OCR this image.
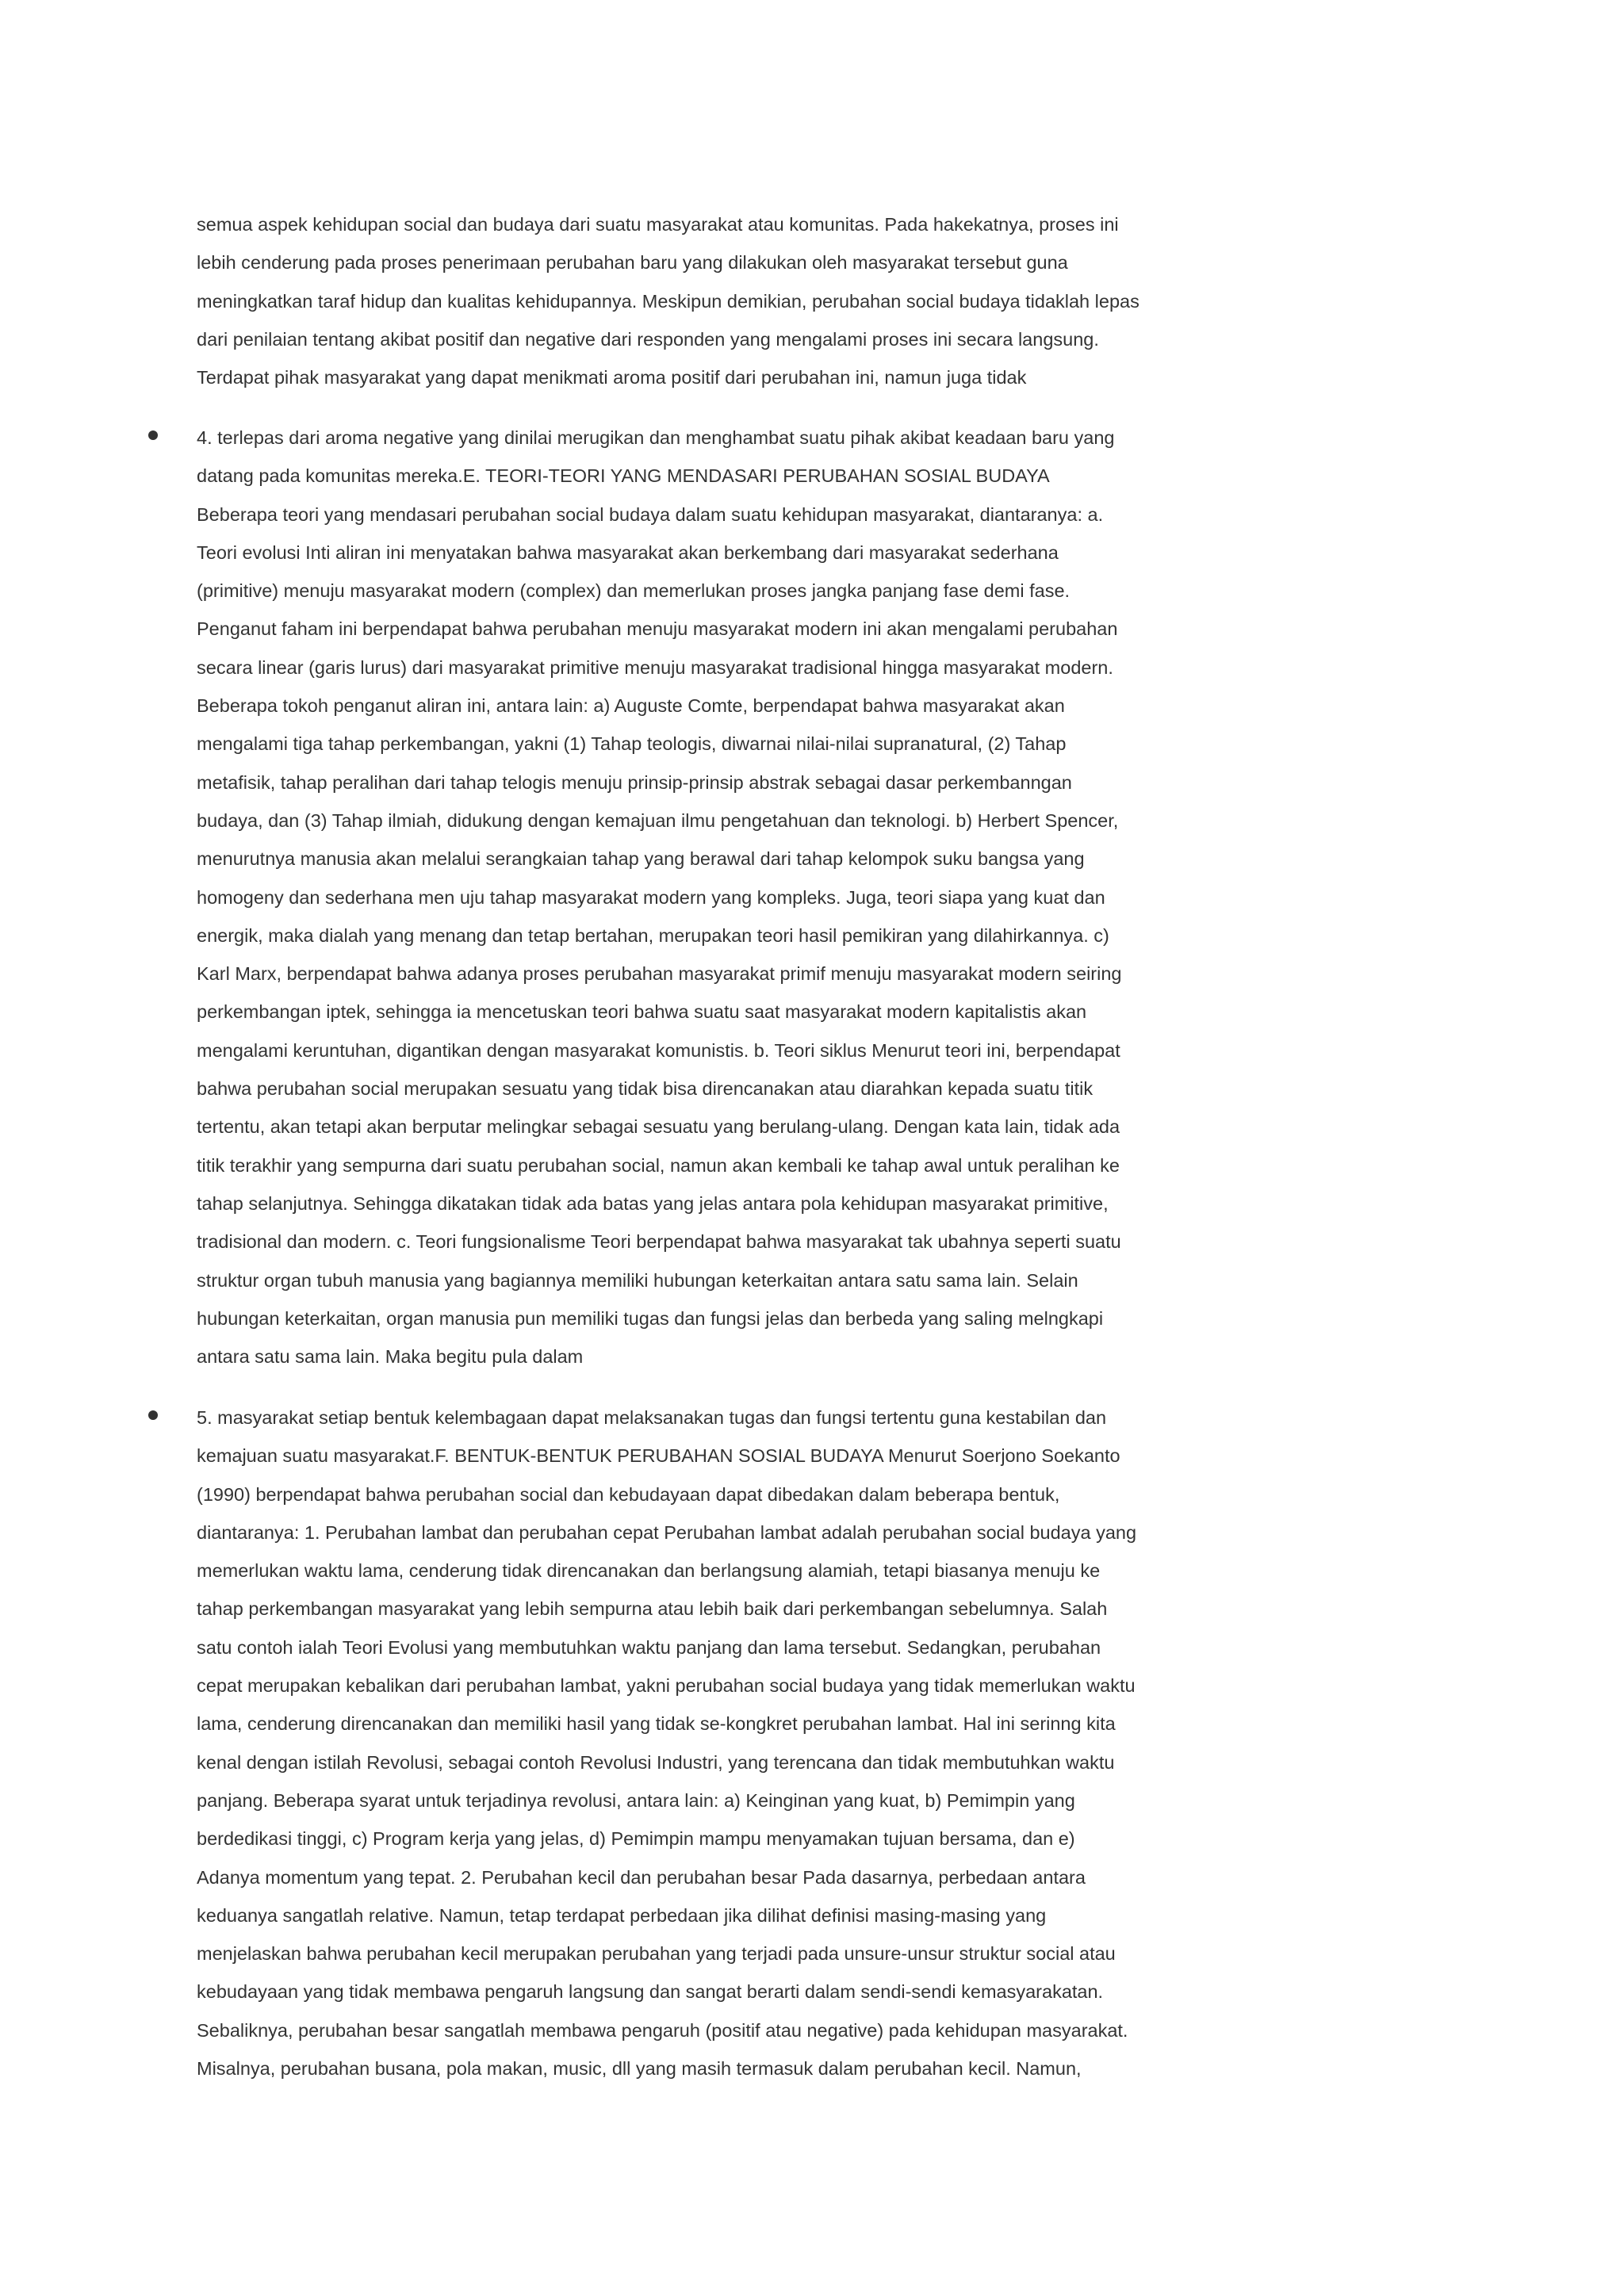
semua aspek kehidupan social dan budaya dari suatu masyarakat atau komunitas. Pada hakekatnya, proses ini
lebih cenderung pada proses penerimaan perubahan baru yang dilakukan oleh masyarakat tersebut guna
meningkatkan taraf hidup dan kualitas kehidupannya. Meskipun demikian, perubahan social budaya tidaklah lepas
dari penilaian tentang akibat positif dan negative dari responden yang mengalami proses ini secara langsung.
Terdapat pihak masyarakat yang dapat menikmati aroma positif dari perubahan ini, namun juga tidak
4. terlepas dari aroma negative yang dinilai merugikan dan menghambat suatu pihak akibat keadaan baru yang
datang pada komunitas mereka.E. TEORI-TEORI YANG MENDASARI PERUBAHAN SOSIAL BUDAYA
Beberapa teori yang mendasari perubahan social budaya dalam suatu kehidupan masyarakat, diantaranya: a.
Teori evolusi Inti aliran ini menyatakan bahwa masyarakat akan berkembang dari masyarakat sederhana
(primitive) menuju masyarakat modern (complex) dan memerlukan proses jangka panjang fase demi fase.
Penganut faham ini berpendapat bahwa perubahan menuju masyarakat modern ini akan mengalami perubahan
secara linear (garis lurus) dari masyarakat primitive menuju masyarakat tradisional hingga masyarakat modern.
Beberapa tokoh penganut aliran ini, antara lain: a) Auguste Comte, berpendapat bahwa masyarakat akan
mengalami tiga tahap perkembangan, yakni (1) Tahap teologis, diwarnai nilai-nilai supranatural, (2) Tahap
metafisik, tahap peralihan dari tahap telogis menuju prinsip-prinsip abstrak sebagai dasar perkembanngan
budaya, dan (3) Tahap ilmiah, didukung dengan kemajuan ilmu pengetahuan dan teknologi. b) Herbert Spencer,
menurutnya manusia akan melalui serangkaian tahap yang berawal dari tahap kelompok suku bangsa yang
homogeny dan sederhana men uju tahap masyarakat modern yang kompleks. Juga, teori siapa yang kuat dan
energik, maka dialah yang menang dan tetap bertahan, merupakan teori hasil pemikiran yang dilahirkannya. c)
Karl Marx, berpendapat bahwa adanya proses perubahan masyarakat primif menuju masyarakat modern seiring
perkembangan iptek, sehingga ia mencetuskan teori bahwa suatu saat masyarakat modern kapitalistis akan
mengalami keruntuhan, digantikan dengan masyarakat komunistis. b. Teori siklus Menurut teori ini, berpendapat
bahwa perubahan social merupakan sesuatu yang tidak bisa direncanakan atau diarahkan kepada suatu titik
tertentu, akan tetapi akan berputar melingkar sebagai sesuatu yang berulang-ulang. Dengan kata lain, tidak ada
titik terakhir yang sempurna dari suatu perubahan social, namun akan kembali ke tahap awal untuk peralihan ke
tahap selanjutnya. Sehingga dikatakan tidak ada batas yang jelas antara pola kehidupan masyarakat primitive,
tradisional dan modern. c. Teori fungsionalisme Teori berpendapat bahwa masyarakat tak ubahnya seperti suatu
struktur organ tubuh manusia yang bagiannya memiliki hubungan keterkaitan antara satu sama lain. Selain
hubungan keterkaitan, organ manusia pun memiliki tugas dan fungsi jelas dan berbeda yang saling melngkapi
antara satu sama lain. Maka begitu pula dalam
5. masyarakat setiap bentuk kelembagaan dapat melaksanakan tugas dan fungsi tertentu guna kestabilan dan
kemajuan suatu masyarakat.F. BENTUK-BENTUK PERUBAHAN SOSIAL BUDAYA Menurut Soerjono Soekanto
(1990) berpendapat bahwa perubahan social dan kebudayaan dapat dibedakan dalam beberapa bentuk,
diantaranya: 1. Perubahan lambat dan perubahan cepat Perubahan lambat adalah perubahan social budaya yang
memerlukan waktu lama, cenderung tidak direncanakan dan berlangsung alamiah, tetapi biasanya menuju ke
tahap perkembangan masyarakat yang lebih sempurna atau lebih baik dari perkembangan sebelumnya. Salah
satu contoh ialah Teori Evolusi yang membutuhkan waktu panjang dan lama tersebut. Sedangkan, perubahan
cepat merupakan kebalikan dari perubahan lambat, yakni perubahan social budaya yang tidak memerlukan waktu
lama, cenderung direncanakan dan memiliki hasil yang tidak se-kongkret perubahan lambat. Hal ini serinng kita
kenal dengan istilah Revolusi, sebagai contoh Revolusi Industri, yang terencana dan tidak membutuhkan waktu
panjang. Beberapa syarat untuk terjadinya revolusi, antara lain: a) Keinginan yang kuat, b) Pemimpin yang
berdedikasi tinggi, c) Program kerja yang jelas, d) Pemimpin mampu menyamakan tujuan bersama, dan e)
Adanya momentum yang tepat. 2. Perubahan kecil dan perubahan besar Pada dasarnya, perbedaan antara
keduanya sangatlah relative. Namun, tetap terdapat perbedaan jika dilihat definisi masing-masing yang
menjelaskan bahwa perubahan kecil merupakan perubahan yang terjadi pada unsure-unsur struktur social atau
kebudayaan yang tidak membawa pengaruh langsung dan sangat berarti dalam sendi-sendi kemasyarakatan.
Sebaliknya, perubahan besar sangatlah membawa pengaruh (positif atau negative) pada kehidupan masyarakat.
Misalnya, perubahan busana, pola makan, music, dll yang masih termasuk dalam perubahan kecil. Namun,
